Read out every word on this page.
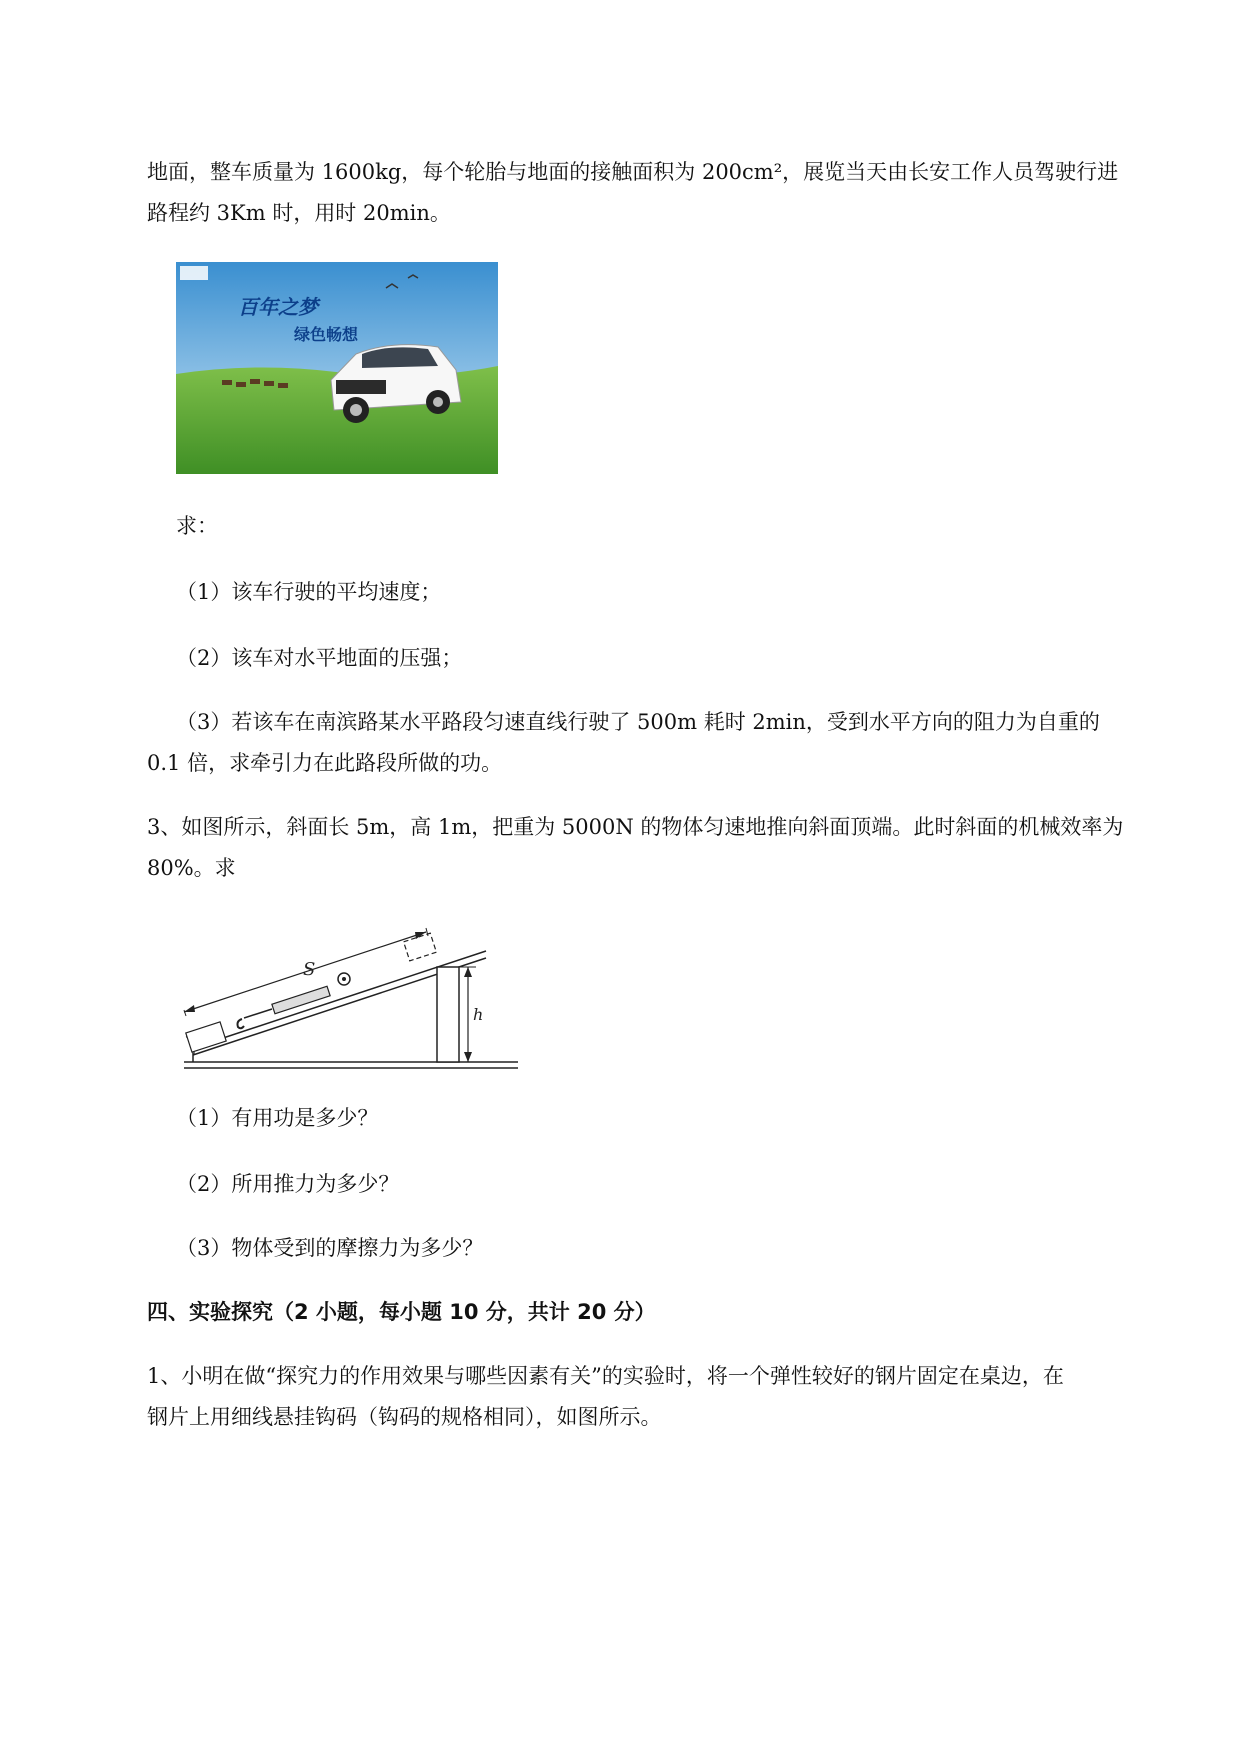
地面，整车质量为 1600kg，每个轮胎与地面的接触面积为 200cm²，展览当天由长安工作人员驾驶行进
路程约 3Km 时，用时 20min。
百年之梦
绿色畅想
求：
（1）该车行驶的平均速度；
（2）该车对水平地面的压强；
（3）若该车在南滨路某水平路段匀速直线行驶了 500m 耗时 2min，受到水平方向的阻力为自重的
0.1 倍，求牵引力在此路段所做的功。
3、如图所示，斜面长 5m，高 1m，把重为 5000N 的物体匀速地推向斜面顶端。此时斜面的机械效率为
80%。求
S
h
（1）有用功是多少？
（2）所用推力为多少？
（3）物体受到的摩擦力为多少？
四、实验探究（2 小题，每小题 10 分，共计 20 分）
1、小明在做“探究力的作用效果与哪些因素有关”的实验时，将一个弹性较好的钢片固定在桌边，在
钢片上用细线悬挂钩码（钩码的规格相同），如图所示。
